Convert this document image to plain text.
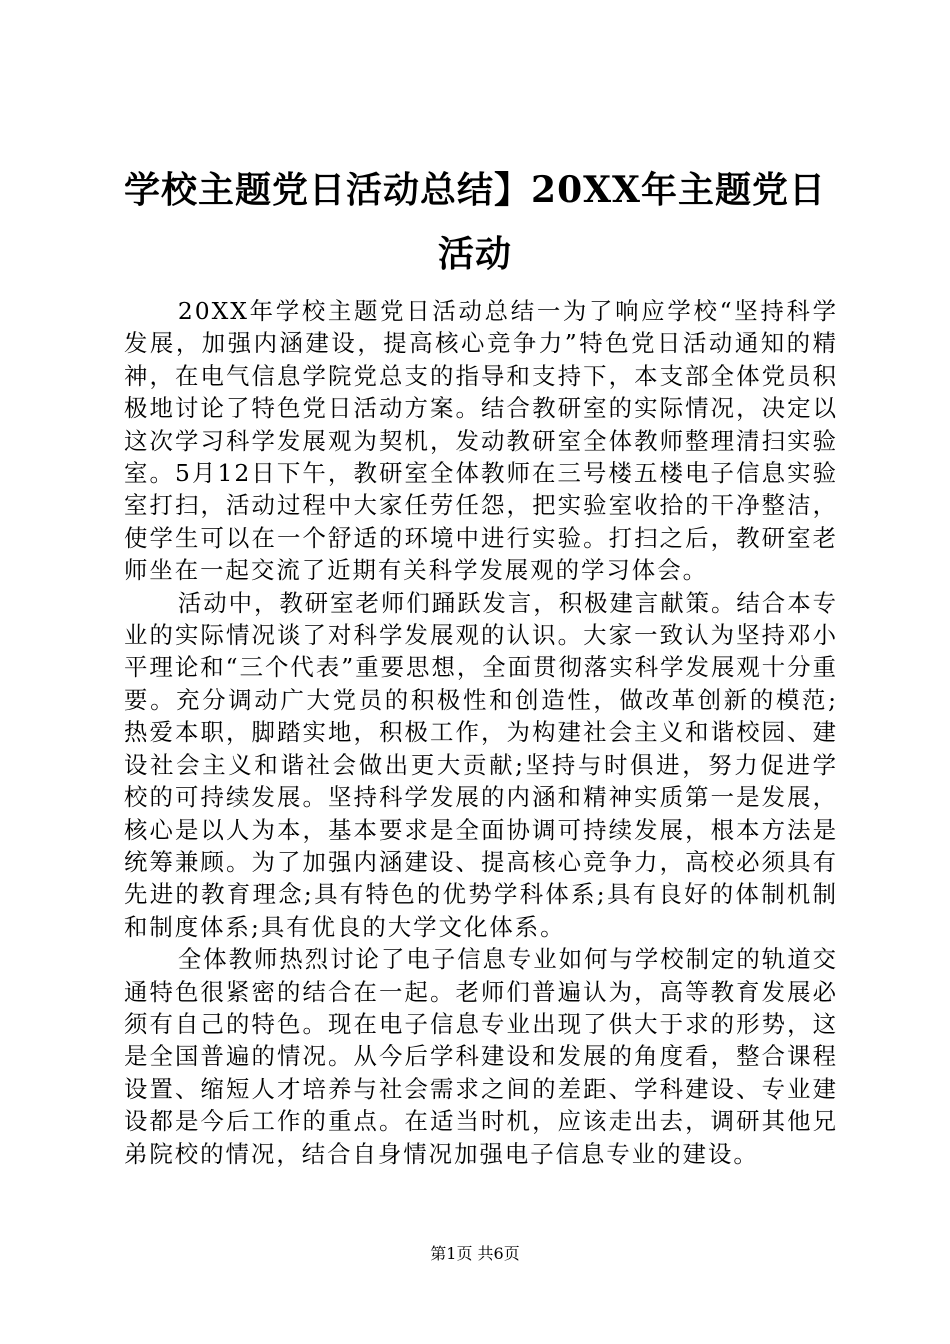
学校主题党日活动总结】20XX年主题党日活动

20XX年学校主题党日活动总结一为了响应学校“坚持科学发展，加强内涵建设，提高核心竞争力”特色党日活动通知的精神，在电气信息学院党总支的指导和支持下，本支部全体党员积极地讨论了特色党日活动方案。结合教研室的实际情况，决定以这次学习科学发展观为契机，发动教研室全体教师整理清扫实验室。5月12日下午，教研室全体教师在三号楼五楼电子信息实验室打扫，活动过程中大家任劳任怨，把实验室收拾的干净整洁，使学生可以在一个舒适的环境中进行实验。打扫之后，教研室老师坐在一起交流了近期有关科学发展观的学习体会。

活动中，教研室老师们踊跃发言，积极建言献策。结合本专业的实际情况谈了对科学发展观的认识。大家一致认为坚持邓小平理论和“三个代表”重要思想，全面贯彻落实科学发展观十分重要。充分调动广大党员的积极性和创造性，做改革创新的模范;热爱本职，脚踏实地，积极工作，为构建社会主义和谐校园、建设社会主义和谐社会做出更大贡献;坚持与时俱进，努力促进学校的可持续发展。坚持科学发展的内涵和精神实质第一是发展，核心是以人为本，基本要求是全面协调可持续发展，根本方法是统筹兼顾。为了加强内涵建设、提高核心竞争力，高校必须具有先进的教育理念;具有特色的优势学科体系;具有良好的体制机制和制度体系;具有优良的大学文化体系。

全体教师热烈讨论了电子信息专业如何与学校制定的轨道交通特色很紧密的结合在一起。老师们普遍认为，高等教育发展必须有自己的特色。现在电子信息专业出现了供大于求的形势，这是全国普遍的情况。从今后学科建设和发展的角度看，整合课程设置、缩短人才培养与社会需求之间的差距、学科建设、专业建设都是今后工作的重点。在适当时机，应该走出去，调研其他兄弟院校的情况，结合自身情况加强电子信息专业的建设。

第1页 共6页
